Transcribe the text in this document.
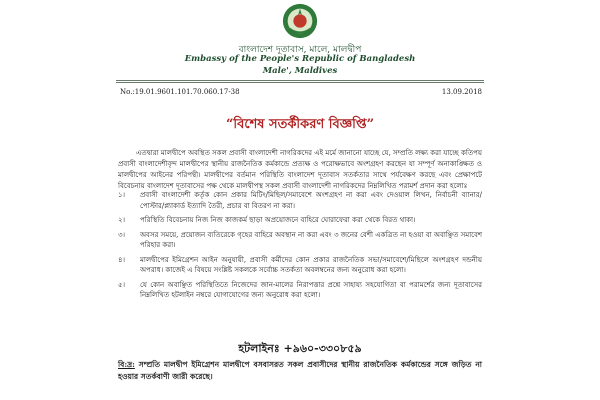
বাংলাদেশ দূতাবাস, মালে, মালদ্বীপ
Embassy of the People's Republic of Bangladesh
Male', Maldives
No.:19.01.9601.101.70.060.17-38	13.09.2018
“বিশেষ সতর্কীকরণ বিজ্ঞপ্তি”
এতদ্বারা মালদ্বীপে অবস্থিত সকল প্রবাসী বাংলাদেশী নাগরিকদের এই মর্মে জানানো যাচ্ছে যে, সম্প্রতি লক্ষ্য করা যাচ্ছে কতিপয় প্রবাসী বাংলাদেশীবৃন্দ মালদ্বীপের স্থানীয় রাজনৈতিক কর্মকান্ডে প্রত্যক্ষ ও পরোক্ষভাবে অংশগ্রহণ করছেন যা সম্পূর্ণ অনাকাঙ্ক্ষিত ও মালদ্বীপের আইনের পরিপন্থী। মালদ্বীপের বর্তমান পরিস্থিতি বাংলাদেশ দূতাবাস সতর্কতার সাথে পর্যবেক্ষণ করছে এবং প্রেক্ষাপটে বিবেচনায় বাংলাদেশ দূতাবাসের পক্ষ থেকে মালদ্বীপস্থ সকল প্রবাসী বাংলাদেশী নাগরিকদের নিম্নলিখিত পরামর্শ প্রদান করা হলোঃ
১। প্রবাসী বাংলাদেশী কর্তৃক কোন প্রকার মিটিং/মিছিল/সমাবেশে অংশগ্রহণ না করা এবং দেওয়াল লিখন, নির্বাচনী ব্যানার/পোস্টার/প্ল্যাকার্ড ইত্যাদি তৈরী, প্রচার বা বিতরণ না করা।
২। পরিস্থিতি বিবেচনায় নিজ নিজ কাজকর্ম ছাড়া অপ্রয়োজনে বাহিরে ঘোরাফেরা করা থেকে বিরত থাকা।
৩। অবসর সময়ে, প্রয়োজন ব্যতিরেকে গৃহের বাহিরে অবস্থান না করা এবং ৩ জনের বেশী একত্রিত না হওয়া বা অবাঞ্ছিত সমাবেশ পরিহার করা।
৪। মালদ্বীপের ইমিগ্রেশন আইন অনুযায়ী, প্রবাসী কর্মীদের কোন প্রকার রাজনৈতিক সভা/সমাবেশে/মিছিলে অংশগ্রহণ দন্ডনীয় অপরাধ। কাজেই এ বিষয়ে সংশ্লিষ্ট সকলকে সর্বোচ্চ সতর্কতা অবলম্বনের জন্য অনুরোধ করা হলো।
৫। যে কোন অবাঞ্ছিত পরিস্থিতিতে নিজেদের জান-মালের নিরাপত্তার প্রশ্নে সাহায্য সহযোগিতা বা পরামর্শের জন্য দূতাবাসের নিম্নলিখিত হটলাইন নম্বরে যোগাযোগের জন্য অনুরোধ করা হলো।
হটলাইনঃ +৯৬০-৩৩০৮৫৯
বি:দ্র: সম্প্রতি মালদ্বীপ ইমিগ্রেশন মালদ্বীপে বসবাসরত সকল প্রবাসীদের স্থানীয় রাজনৈতিক কর্মকান্ডের সঙ্গে জড়িত না হওয়ার সতর্কবাণী জারী করেছে।
